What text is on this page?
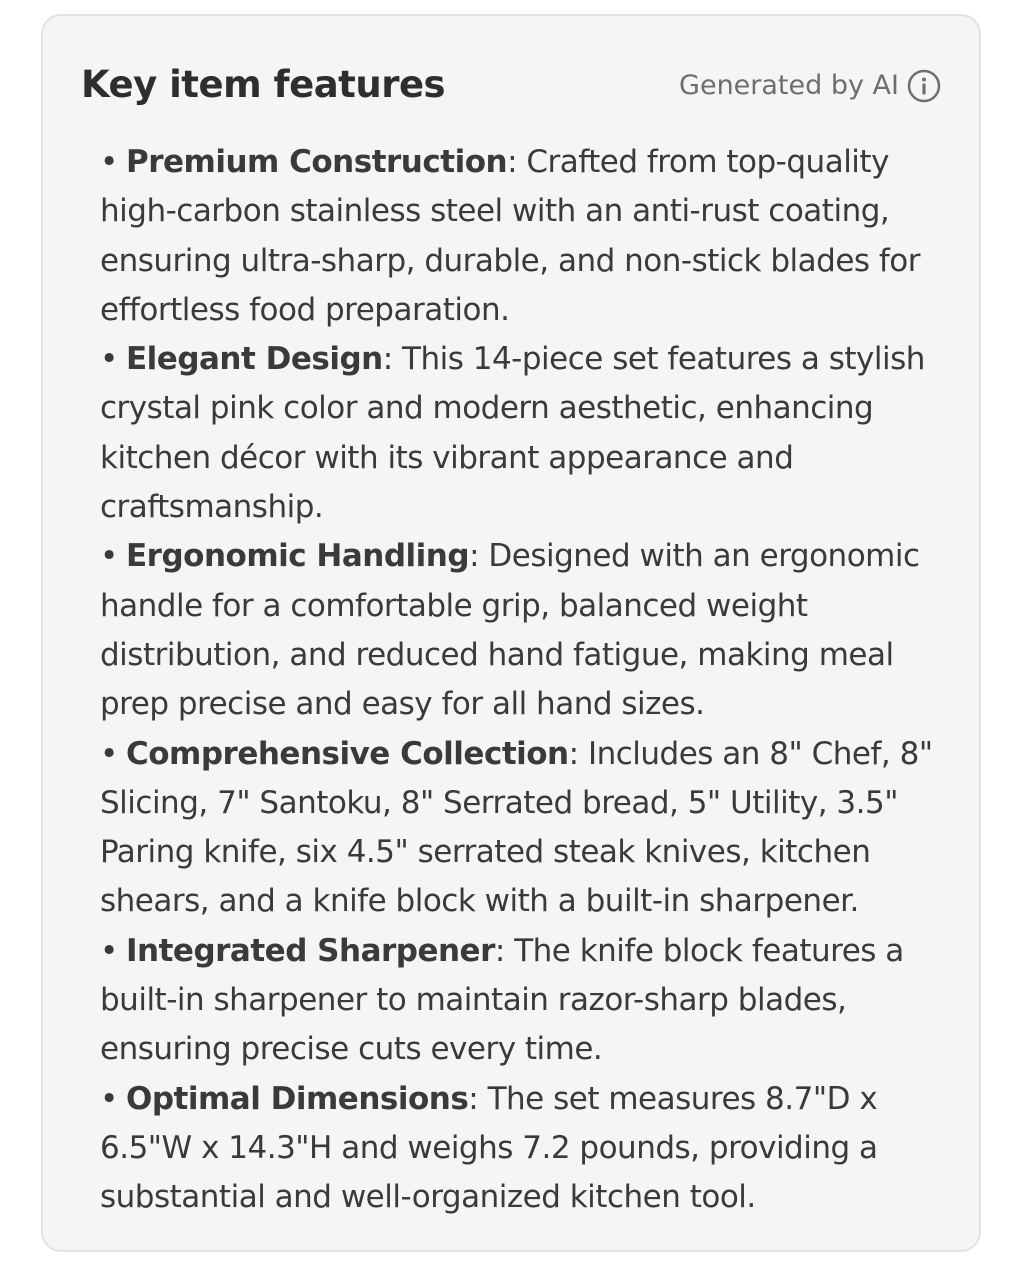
Key item features	Generated by AI
• Premium Construction: Crafted from top-quality high-carbon stainless steel with an anti-rust coating, ensuring ultra-sharp, durable, and non-stick blades for effortless food preparation.
• Elegant Design: This 14-piece set features a stylish crystal pink color and modern aesthetic, enhancing kitchen décor with its vibrant appearance and craftsmanship.
• Ergonomic Handling: Designed with an ergonomic handle for a comfortable grip, balanced weight distribution, and reduced hand fatigue, making meal prep precise and easy for all hand sizes.
• Comprehensive Collection: Includes an 8" Chef, 8" Slicing, 7" Santoku, 8" Serrated bread, 5" Utility, 3.5" Paring knife, six 4.5" serrated steak knives, kitchen shears, and a knife block with a built-in sharpener.
• Integrated Sharpener: The knife block features a built-in sharpener to maintain razor-sharp blades, ensuring precise cuts every time.
• Optimal Dimensions: The set measures 8.7"D x 6.5"W x 14.3"H and weighs 7.2 pounds, providing a substantial and well-organized kitchen tool.
